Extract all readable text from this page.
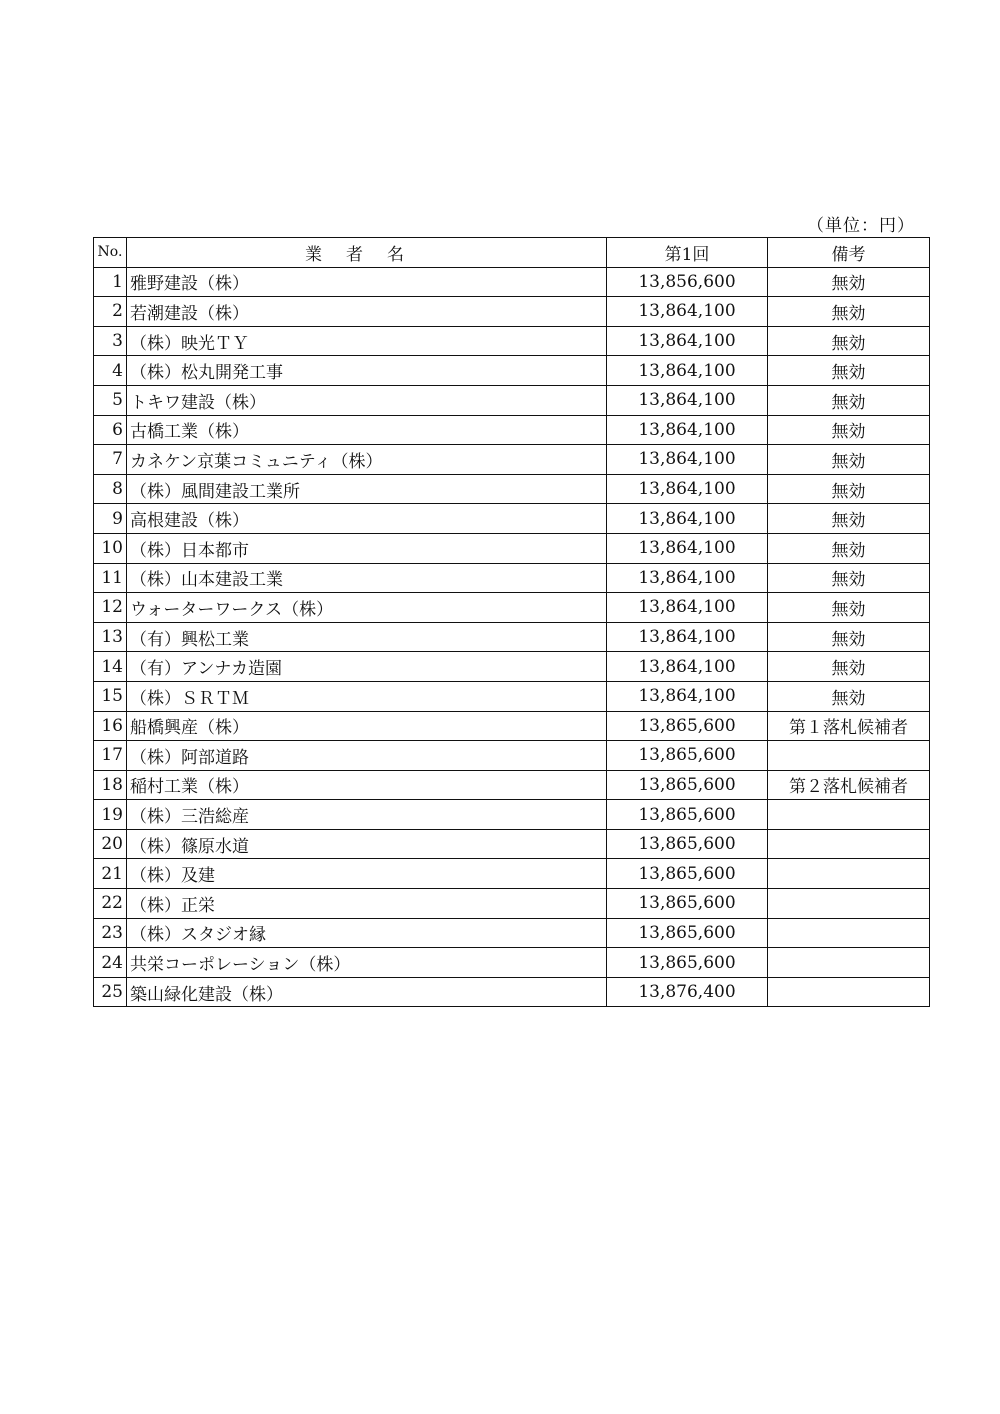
（単位：円）
No.	業者名	第1回	備考
1	雅野建設（株）	13,856,600	無効
2	若潮建設（株）	13,864,100	無効
3	（株）映光ＴＹ	13,864,100	無効
4	（株）松丸開発工事	13,864,100	無効
5	トキワ建設（株）	13,864,100	無効
6	古橋工業（株）	13,864,100	無効
7	カネケン京葉コミュニティ（株）	13,864,100	無効
8	（株）風間建設工業所	13,864,100	無効
9	高根建設（株）	13,864,100	無効
10	（株）日本都市	13,864,100	無効
11	（株）山本建設工業	13,864,100	無効
12	ウォーターワークス（株）	13,864,100	無効
13	（有）興松工業	13,864,100	無効
14	（有）アンナカ造園	13,864,100	無効
15	（株）ＳＲＴＭ	13,864,100	無効
16	船橋興産（株）	13,865,600	第１落札候補者
17	（株）阿部道路	13,865,600	
18	稲村工業（株）	13,865,600	第２落札候補者
19	（株）三浩総産	13,865,600	
20	（株）篠原水道	13,865,600	
21	（株）及建	13,865,600	
22	（株）正栄	13,865,600	
23	（株）スタジオ縁	13,865,600	
24	共栄コーポレーション（株）	13,865,600	
25	築山緑化建設（株）	13,876,400	
